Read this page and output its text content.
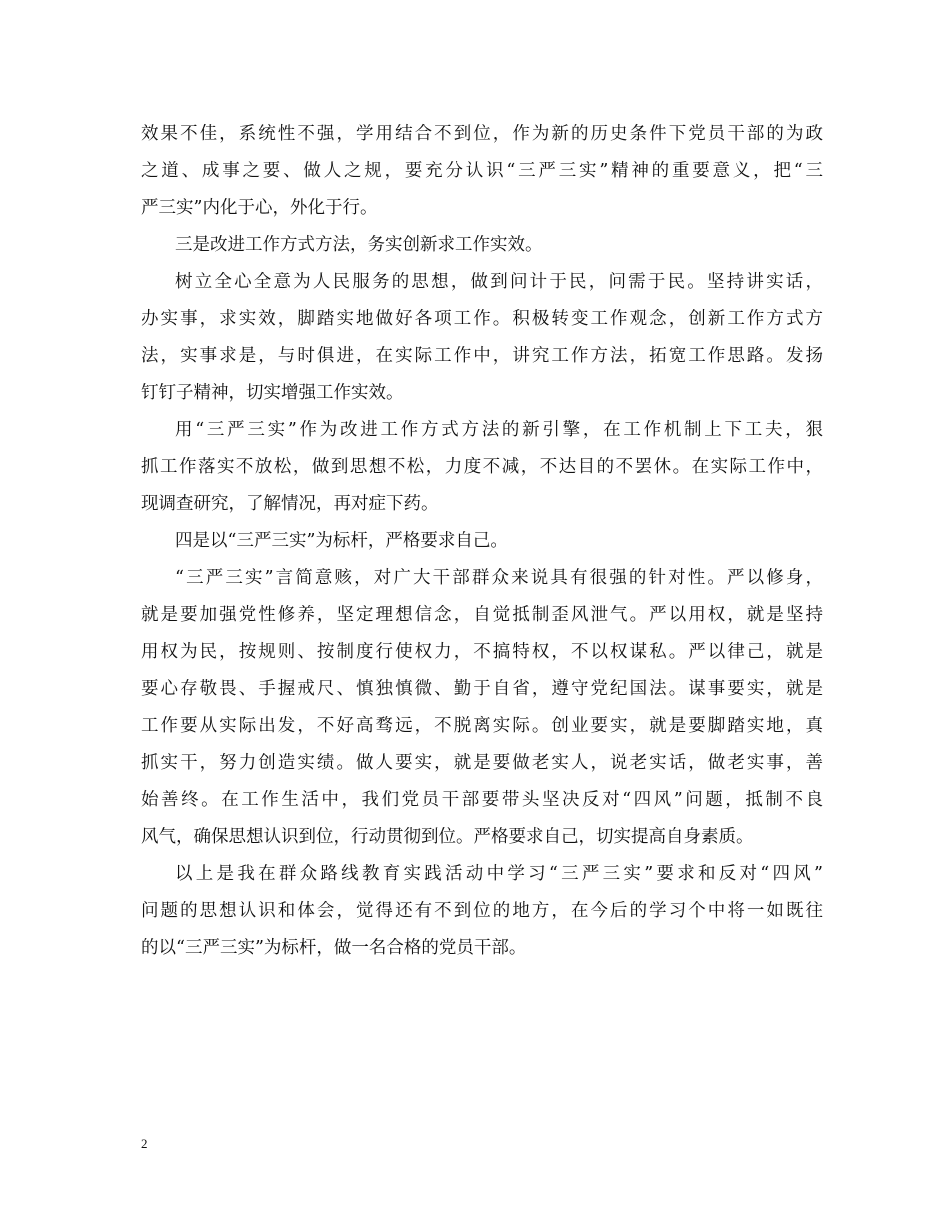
效果不佳，系统性不强，学用结合不到位，作为新的历史条件下党员干部的为政
之道、成事之要、做人之规，要充分认识“三严三实”精神的重要意义，把“三
严三实”内化于心，外化于行。
三是改进工作方式方法，务实创新求工作实效。
树立全心全意为人民服务的思想，做到问计于民，问需于民。坚持讲实话，
办实事，求实效，脚踏实地做好各项工作。积极转变工作观念，创新工作方式方
法，实事求是，与时俱进，在实际工作中，讲究工作方法，拓宽工作思路。发扬
钉钉子精神，切实增强工作实效。
用“三严三实”作为改进工作方式方法的新引擎，在工作机制上下工夫，狠
抓工作落实不放松，做到思想不松，力度不减，不达目的不罢休。在实际工作中，
现调查研究，了解情况，再对症下药。
四是以“三严三实”为标杆，严格要求自己。
“三严三实”言简意赅，对广大干部群众来说具有很强的针对性。严以修身，
就是要加强党性修养，坚定理想信念，自觉抵制歪风泄气。严以用权，就是坚持
用权为民，按规则、按制度行使权力，不搞特权，不以权谋私。严以律己，就是
要心存敬畏、手握戒尺、慎独慎微、勤于自省，遵守党纪国法。谋事要实，就是
工作要从实际出发，不好高骛远，不脱离实际。创业要实，就是要脚踏实地，真
抓实干，努力创造实绩。做人要实，就是要做老实人，说老实话，做老实事，善
始善终。在工作生活中，我们党员干部要带头坚决反对“四风”问题，抵制不良
风气，确保思想认识到位，行动贯彻到位。严格要求自己，切实提高自身素质。
以上是我在群众路线教育实践活动中学习“三严三实”要求和反对“四风”
问题的思想认识和体会，觉得还有不到位的地方，在今后的学习个中将一如既往
的以“三严三实”为标杆，做一名合格的党员干部。
2
